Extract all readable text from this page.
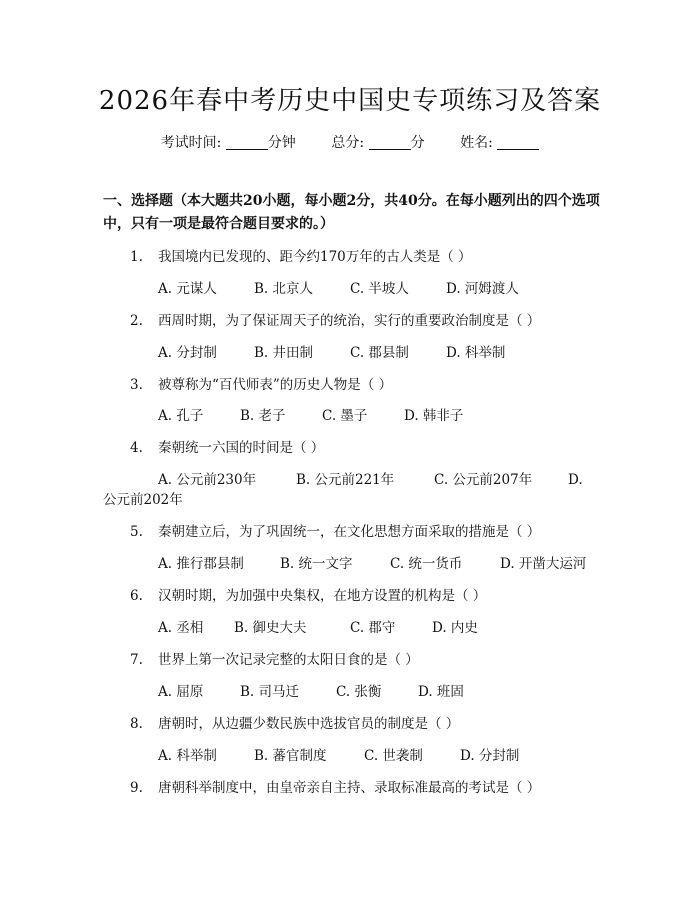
2026年春中考历史中国史专项练习及答案
考试时间:	分钟	总分:	分	姓名:
一、选择题（本大题共20小题，每小题2分，共40分。在每小题列出的四个选项中，只有一项是最符合题目要求的。）
1. 我国境内已发现的、距今约170万年的古人类是（ ）
A. 元谋人	B. 北京人	C. 半坡人	D. 河姆渡人
2. 西周时期，为了保证周天子的统治，实行的重要政治制度是（ ）
A. 分封制	B. 井田制	C. 郡县制	D. 科举制
3. 被尊称为“百代师表”的历史人物是（ ）
A. 孔子	B. 老子	C. 墨子	D. 韩非子
4. 秦朝统一六国的时间是（ ）
A. 公元前230年	B. 公元前221年	C. 公元前207年	D.
公元前202年
5. 秦朝建立后，为了巩固统一，在文化思想方面采取的措施是（ ）
A. 推行郡县制	B. 统一文字	C. 统一货币	D. 开凿大运河
6. 汉朝时期，为加强中央集权，在地方设置的机构是（ ）
A. 丞相 B. 御史大夫	C. 郡守	D. 内史
7. 世界上第一次记录完整的太阳日食的是（ ）
A. 屈原	B. 司马迁	C. 张衡	D. 班固
8. 唐朝时，从边疆少数民族中选拔官员的制度是（ ）
A. 科举制	B. 蕃官制度	C. 世袭制	D. 分封制
9. 唐朝科举制度中，由皇帝亲自主持、录取标准最高的考试是（ ）
